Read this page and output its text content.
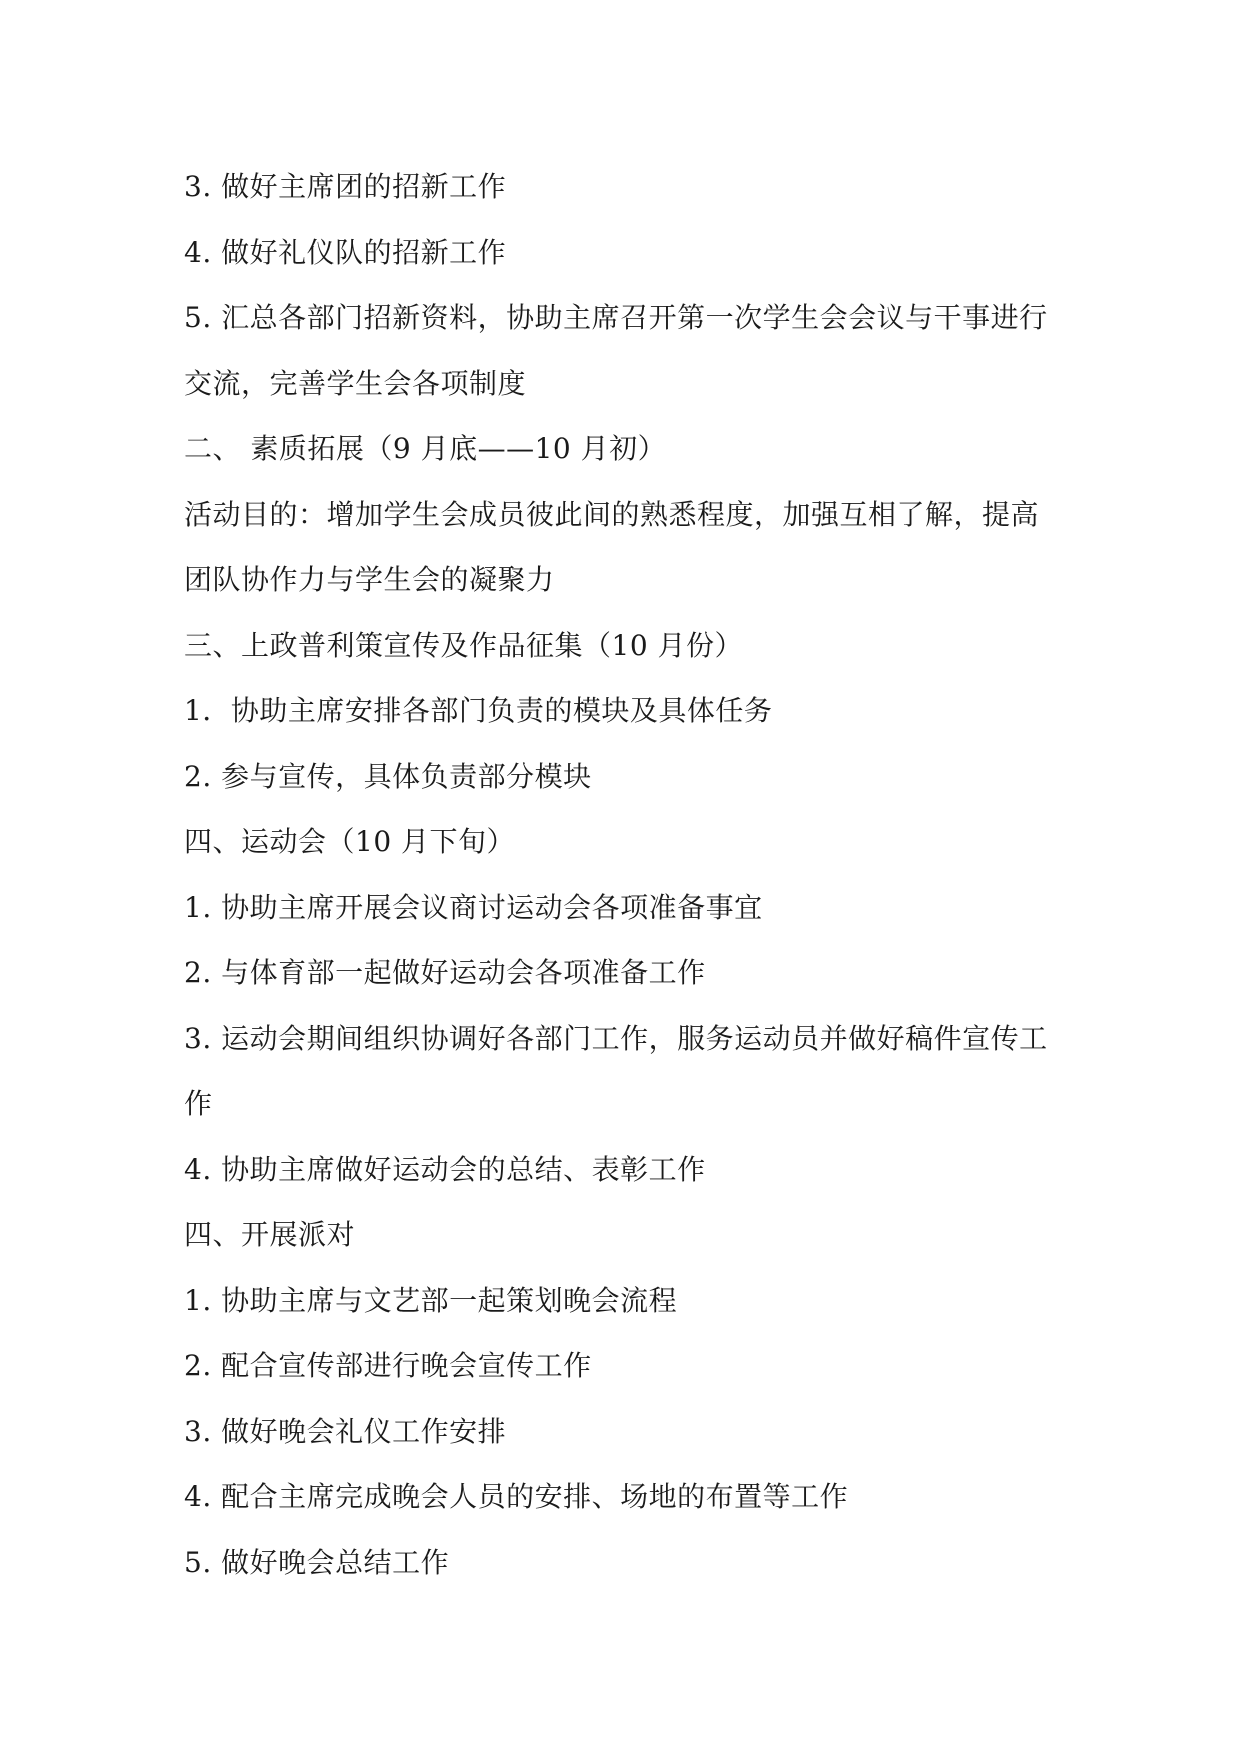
3. 做好主席团的招新工作
4. 做好礼仪队的招新工作
5. 汇总各部门招新资料，协助主席召开第一次学生会会议与干事进行
交流，完善学生会各项制度
二、 素质拓展（9 月底——10 月初）
活动目的：增加学生会成员彼此间的熟悉程度，加强互相了解，提高
团队协作力与学生会的凝聚力
三、上政普利策宣传及作品征集（10 月份）
1．协助主席安排各部门负责的模块及具体任务
2. 参与宣传，具体负责部分模块
四、运动会（10 月下旬）
1. 协助主席开展会议商讨运动会各项准备事宜
2. 与体育部一起做好运动会各项准备工作
3. 运动会期间组织协调好各部门工作，服务运动员并做好稿件宣传工
作
4. 协助主席做好运动会的总结、表彰工作
四、开展派对
1. 协助主席与文艺部一起策划晚会流程
2. 配合宣传部进行晚会宣传工作
3. 做好晚会礼仪工作安排
4. 配合主席完成晚会人员的安排、场地的布置等工作
5. 做好晚会总结工作
